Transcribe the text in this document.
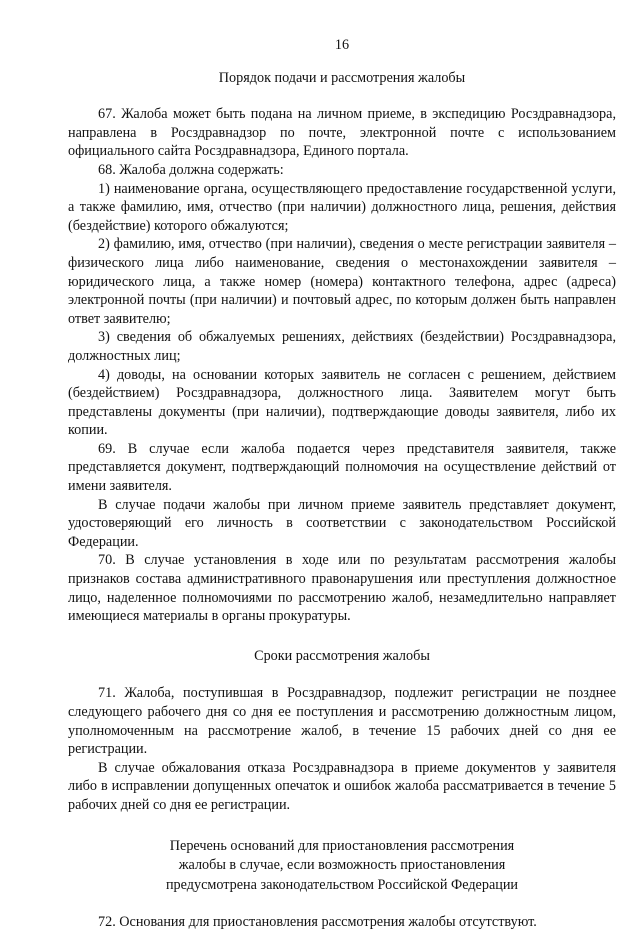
16
Порядок подачи и рассмотрения жалобы

67. Жалоба может быть подана на личном приеме, в экспедицию Росздравнадзора, направлена в Росздравнадзор по почте, электронной почте с использованием официального сайта Росздравнадзора, Единого портала.

68. Жалоба должна содержать:

1) наименование органа, осуществляющего предоставление государственной услуги, а также фамилию, имя, отчество (при наличии) должностного лица, решения, действия (бездействие) которого обжалуются;

2) фамилию, имя, отчество (при наличии), сведения о месте регистрации заявителя – физического лица либо наименование, сведения о местонахождении заявителя – юридического лица, а также номер (номера) контактного телефона, адрес (адреса) электронной почты (при наличии) и почтовый адрес, по которым должен быть направлен ответ заявителю;

3) сведения об обжалуемых решениях, действиях (бездействии) Росздравнадзора, должностных лиц;

4) доводы, на основании которых заявитель не согласен с решением, действием (бездействием) Росздравнадзора, должностного лица. Заявителем могут быть представлены документы (при наличии), подтверждающие доводы заявителя, либо их копии.

69. В случае если жалоба подается через представителя заявителя, также представляется документ, подтверждающий полномочия на осуществление действий от имени заявителя.

В случае подачи жалобы при личном приеме заявитель представляет документ, удостоверяющий его личность в соответствии с законодательством Российской Федерации.

70. В случае установления в ходе или по результатам рассмотрения жалобы признаков состава административного правонарушения или преступления должностное лицо, наделенное полномочиями по рассмотрению жалоб, незамедлительно направляет имеющиеся материалы в органы прокуратуры.

Сроки рассмотрения жалобы

71. Жалоба, поступившая в Росздравнадзор, подлежит регистрации не позднее следующего рабочего дня со дня ее поступления и рассмотрению должностным лицом, уполномоченным на рассмотрение жалоб, в течение 15 рабочих дней со дня ее регистрации.

В случае обжалования отказа Росздравнадзора в приеме документов у заявителя либо в исправлении допущенных опечаток и ошибок жалоба рассматривается в течение 5 рабочих дней со дня ее регистрации.

Перечень оснований для приостановления рассмотрения
жалобы в случае, если возможность приостановления
предусмотрена законодательством Российской Федерации

72. Основания для приостановления рассмотрения жалобы отсутствуют.
